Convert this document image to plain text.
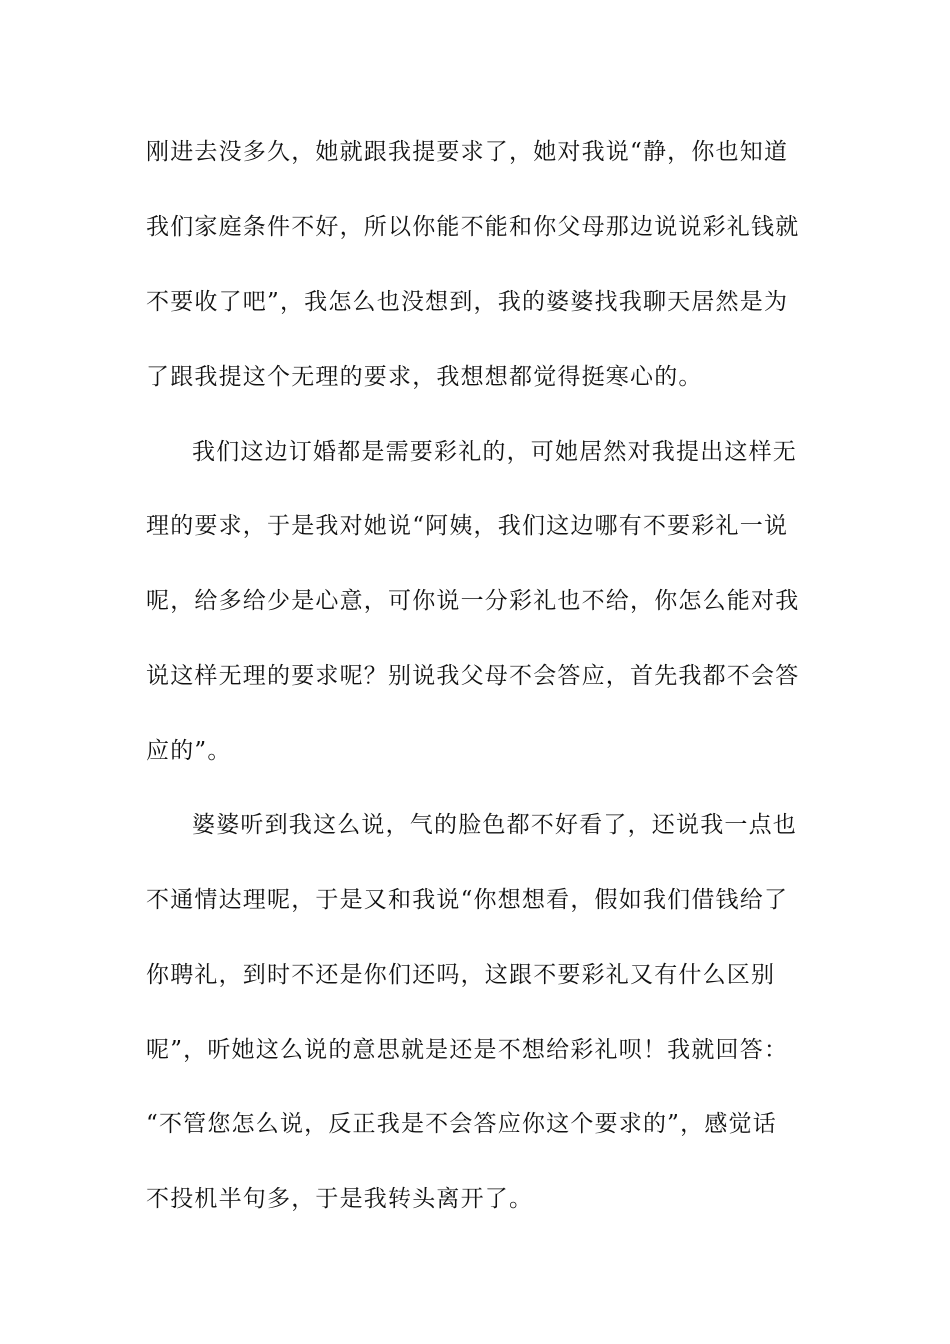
刚进去没多久，她就跟我提要求了，她对我说“静，你也知道
我们家庭条件不好，所以你能不能和你父母那边说说彩礼钱就
不要收了吧”，我怎么也没想到，我的婆婆找我聊天居然是为
了跟我提这个无理的要求，我想想都觉得挺寒心的。
我们这边订婚都是需要彩礼的，可她居然对我提出这样无
理的要求，于是我对她说“阿姨，我们这边哪有不要彩礼一说
呢，给多给少是心意，可你说一分彩礼也不给，你怎么能对我
说这样无理的要求呢？别说我父母不会答应，首先我都不会答
应的”。
婆婆听到我这么说，气的脸色都不好看了，还说我一点也
不通情达理呢，于是又和我说“你想想看，假如我们借钱给了
你聘礼，到时不还是你们还吗，这跟不要彩礼又有什么区别
呢”，听她这么说的意思就是还是不想给彩礼呗！我就回答：
“不管您怎么说，反正我是不会答应你这个要求的”，感觉话
不投机半句多，于是我转头离开了。
